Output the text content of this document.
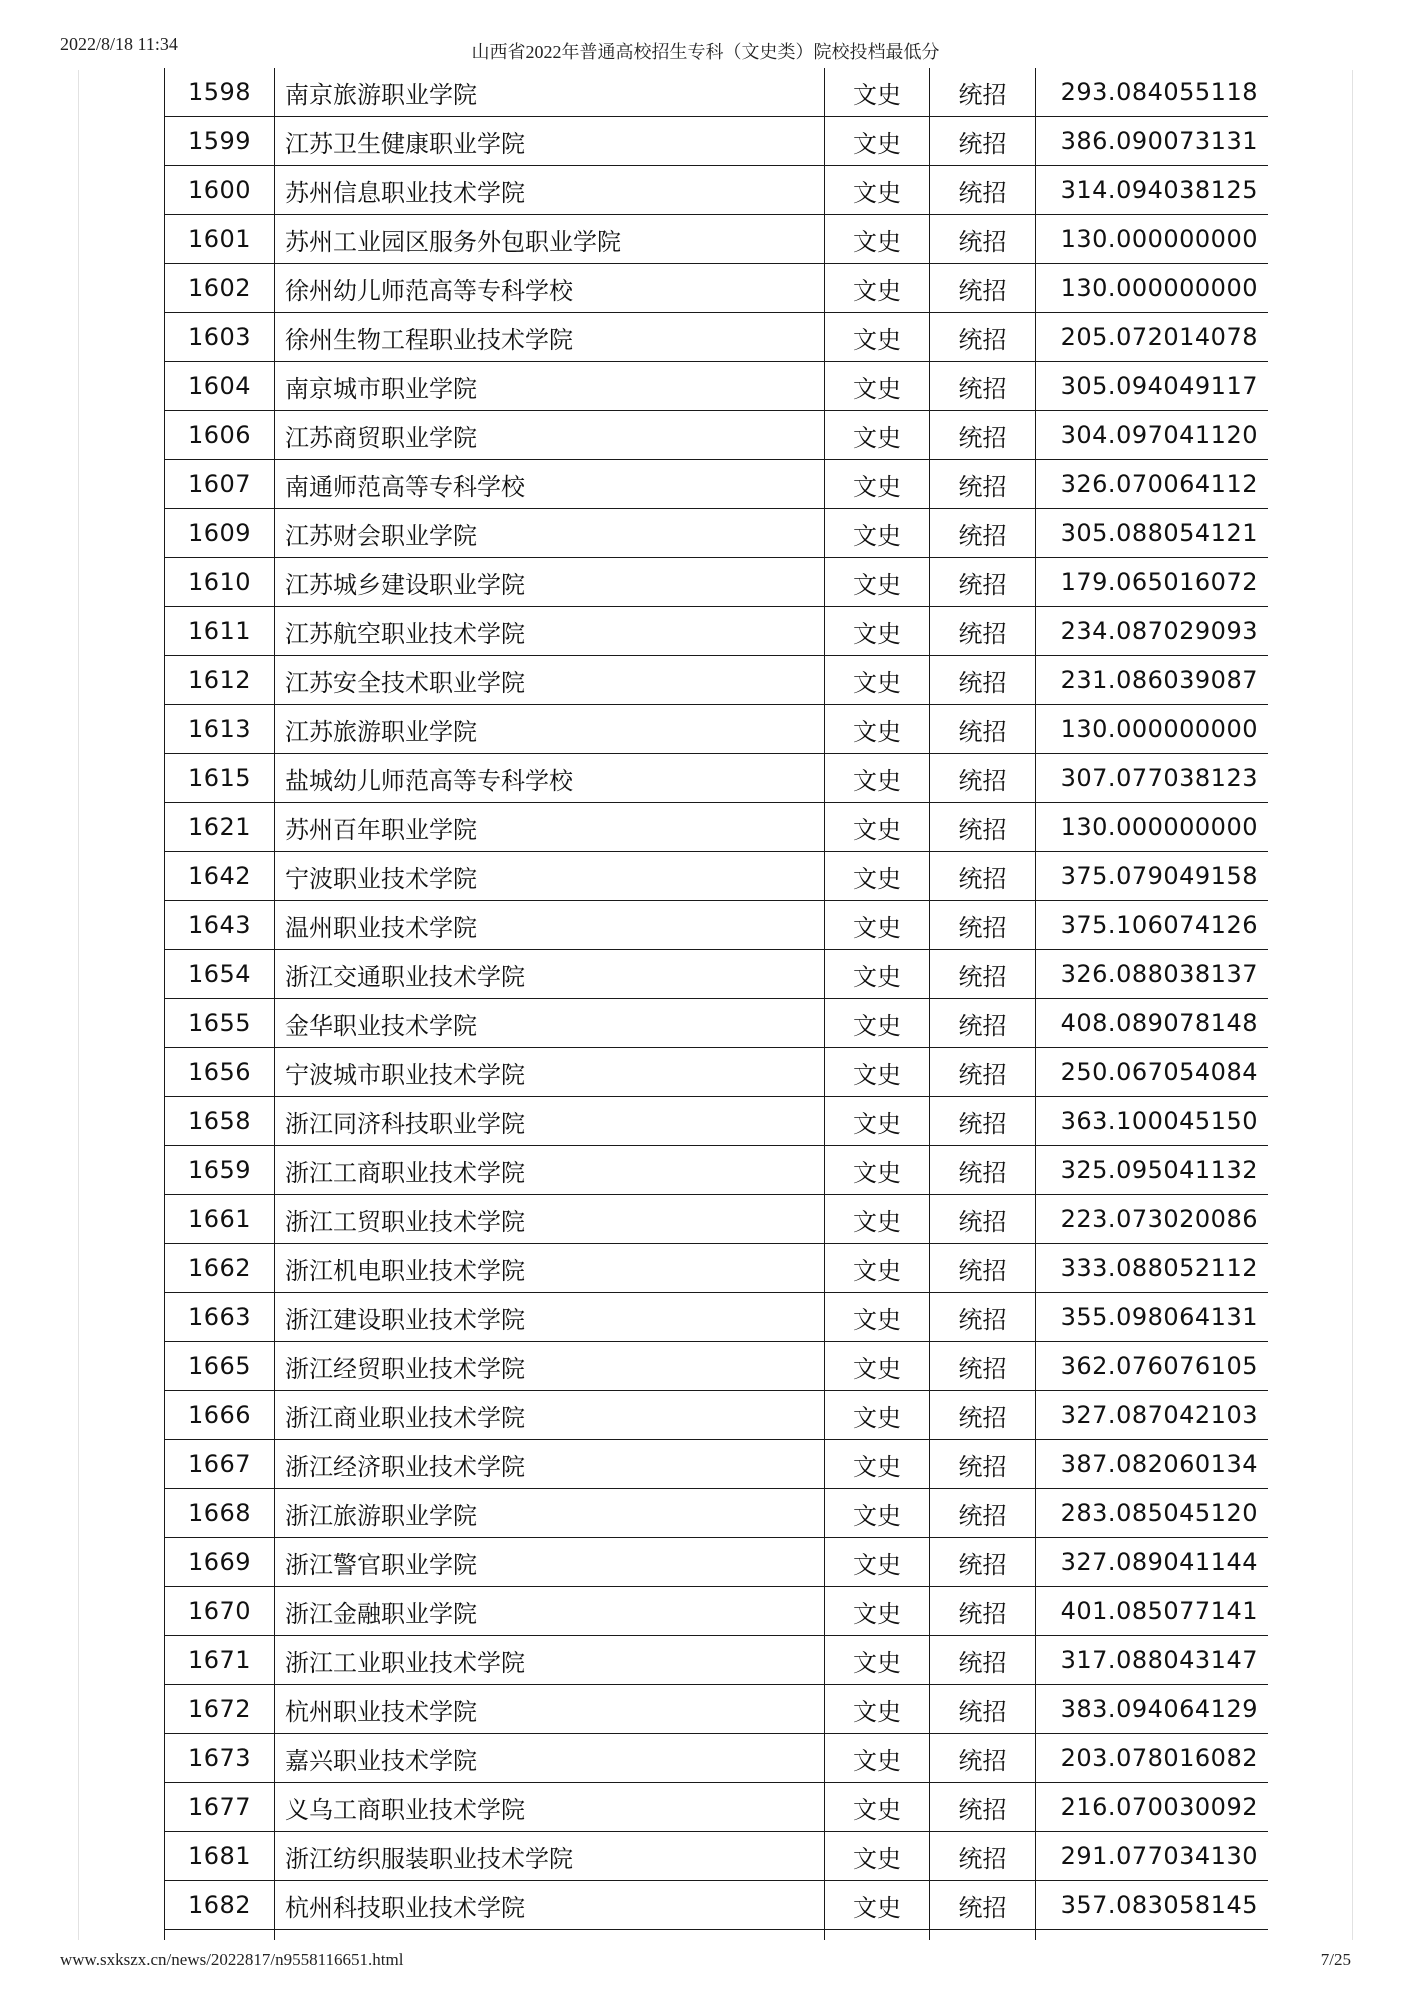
2022/8/18 11:34	山西省2022年普通高校招生专科（文史类）院校投档最低分
1598	南京旅游职业学院	文史	统招	293.084055118
1599	江苏卫生健康职业学院	文史	统招	386.090073131
1600	苏州信息职业技术学院	文史	统招	314.094038125
1601	苏州工业园区服务外包职业学院	文史	统招	130.000000000
1602	徐州幼儿师范高等专科学校	文史	统招	130.000000000
1603	徐州生物工程职业技术学院	文史	统招	205.072014078
1604	南京城市职业学院	文史	统招	305.094049117
1606	江苏商贸职业学院	文史	统招	304.097041120
1607	南通师范高等专科学校	文史	统招	326.070064112
1609	江苏财会职业学院	文史	统招	305.088054121
1610	江苏城乡建设职业学院	文史	统招	179.065016072
1611	江苏航空职业技术学院	文史	统招	234.087029093
1612	江苏安全技术职业学院	文史	统招	231.086039087
1613	江苏旅游职业学院	文史	统招	130.000000000
1615	盐城幼儿师范高等专科学校	文史	统招	307.077038123
1621	苏州百年职业学院	文史	统招	130.000000000
1642	宁波职业技术学院	文史	统招	375.079049158
1643	温州职业技术学院	文史	统招	375.106074126
1654	浙江交通职业技术学院	文史	统招	326.088038137
1655	金华职业技术学院	文史	统招	408.089078148
1656	宁波城市职业技术学院	文史	统招	250.067054084
1658	浙江同济科技职业学院	文史	统招	363.100045150
1659	浙江工商职业技术学院	文史	统招	325.095041132
1661	浙江工贸职业技术学院	文史	统招	223.073020086
1662	浙江机电职业技术学院	文史	统招	333.088052112
1663	浙江建设职业技术学院	文史	统招	355.098064131
1665	浙江经贸职业技术学院	文史	统招	362.076076105
1666	浙江商业职业技术学院	文史	统招	327.087042103
1667	浙江经济职业技术学院	文史	统招	387.082060134
1668	浙江旅游职业学院	文史	统招	283.085045120
1669	浙江警官职业学院	文史	统招	327.089041144
1670	浙江金融职业学院	文史	统招	401.085077141
1671	浙江工业职业技术学院	文史	统招	317.088043147
1672	杭州职业技术学院	文史	统招	383.094064129
1673	嘉兴职业技术学院	文史	统招	203.078016082
1677	义乌工商职业技术学院	文史	统招	216.070030092
1681	浙江纺织服装职业技术学院	文史	统招	291.077034130
1682	杭州科技职业技术学院	文史	统招	357.083058145

www.sxkszx.cn/news/2022817/n9558116651.html	7/25
